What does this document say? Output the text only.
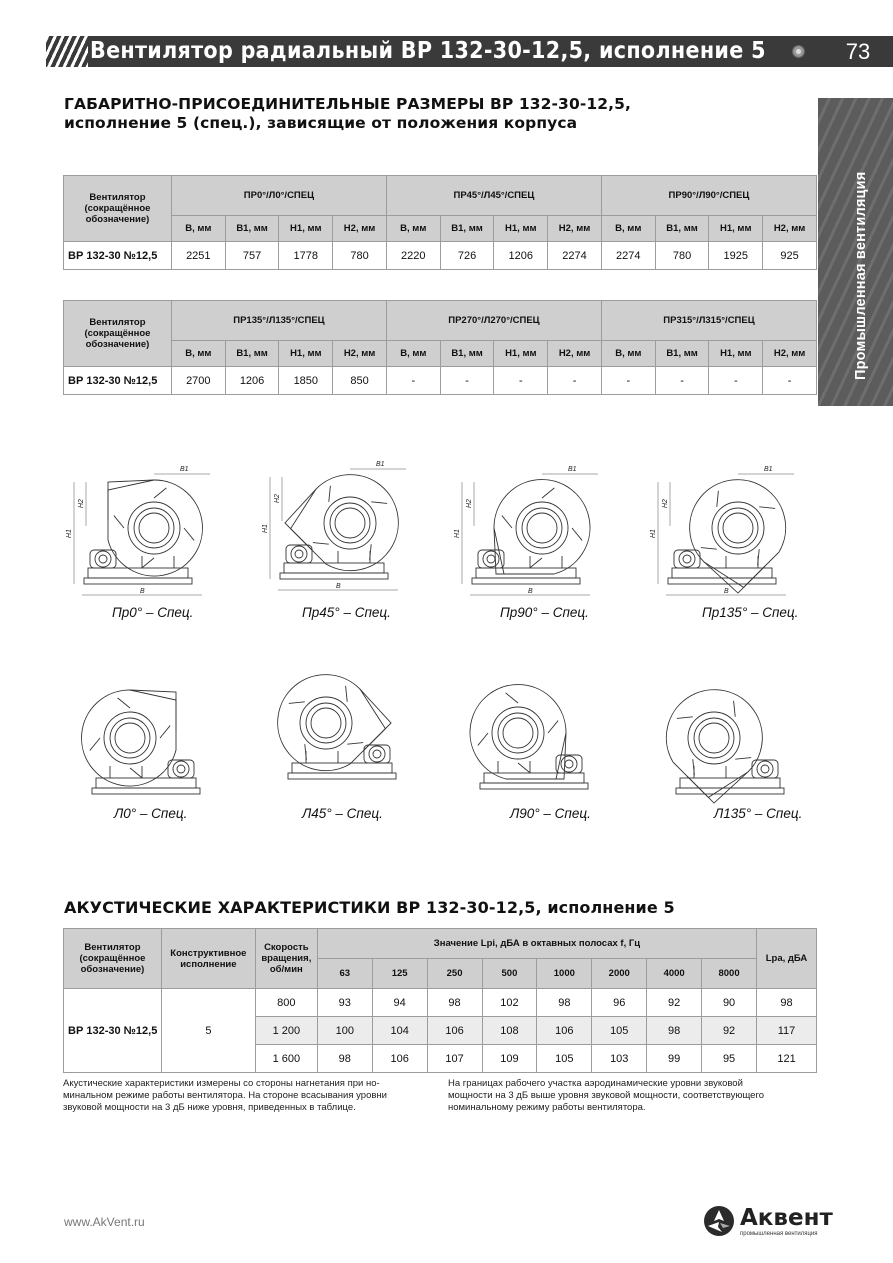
Вентилятор радиальный ВР 132-30-12,5, исполнение 5	73
Промышленная вентиляция
ГАБАРИТНО-ПРИСОЕДИНИТЕЛЬНЫЕ РАЗМЕРЫ ВР 132-30-12,5,
исполнение 5 (спец.), зависящие от положения корпуса
Вентилятор
(сокращённое
обозначение)	ПР0°/Л0°/СПЕЦ				ПР45°/Л45°/СПЕЦ				ПР90°/Л90°/СПЕЦ			
	B, мм	B1, мм	H1, мм	H2, мм	B, мм	B1, мм	H1, мм	H2, мм	B, мм	B1, мм	H1, мм	H2, мм
ВР 132-30 №12,5	2251	757	1778	780	2220	726	1206	2274	2274	780	1925	925
Вентилятор
(сокращённое
обозначение)	ПР135°/Л135°/СПЕЦ				ПР270°/Л270°/СПЕЦ				ПР315°/Л315°/СПЕЦ			
	B, мм	B1, мм	H1, мм	H2, мм	B, мм	B1, мм	H1, мм	H2, мм	B, мм	B1, мм	H1, мм	H2, мм
ВР 132-30 №12,5	2700	1206	1850	850	-	-	-	-	-	-	-	-
B
B1
H1
H2
Пр0° – Спец.
B
B1
H1
H2
Пр45° – Спец.
B
B1
H1
H2
Пр90° – Спец.
B
B1
H1
H2
Пр135° – Спец.
Л0° – Спец.	Л45° – Спец.	Л90° – Спец.	Л135° – Спец.
АКУСТИЧЕСКИЕ ХАРАКТЕРИСТИКИ ВР 132-30-12,5, исполнение 5
Вентилятор
(сокращённое
обозначение)	Конструктивное
исполнение	Скорость
вращения,
об/мин	Значение Lpi, дБА в октавных полосах f, Гц								Lpa, дБА
			63	125	250	500	1000	2000	4000	8000	
ВР 132-30 №12,5	5	800	93	94	98	102	98	96	92	90	98
		1 200	100	104	106	108	106	105	98	92	117
		1 600	98	106	107	109	105	103	99	95	121
Акустические характеристики измерены со стороны нагнетания при но-
минальном режиме работы вентилятора. На стороне всасывания уровни
звуковой мощности на 3 дБ ниже уровня, приведенных в таблице.
На границах рабочего участка аэродинамические уровни звуковой
мощности на 3 дБ выше уровня звуковой мощности, соответствующего
номинальному режиму работы вентилятора.
www.AkVent.ru	Аквент
промышленная вентиляция
